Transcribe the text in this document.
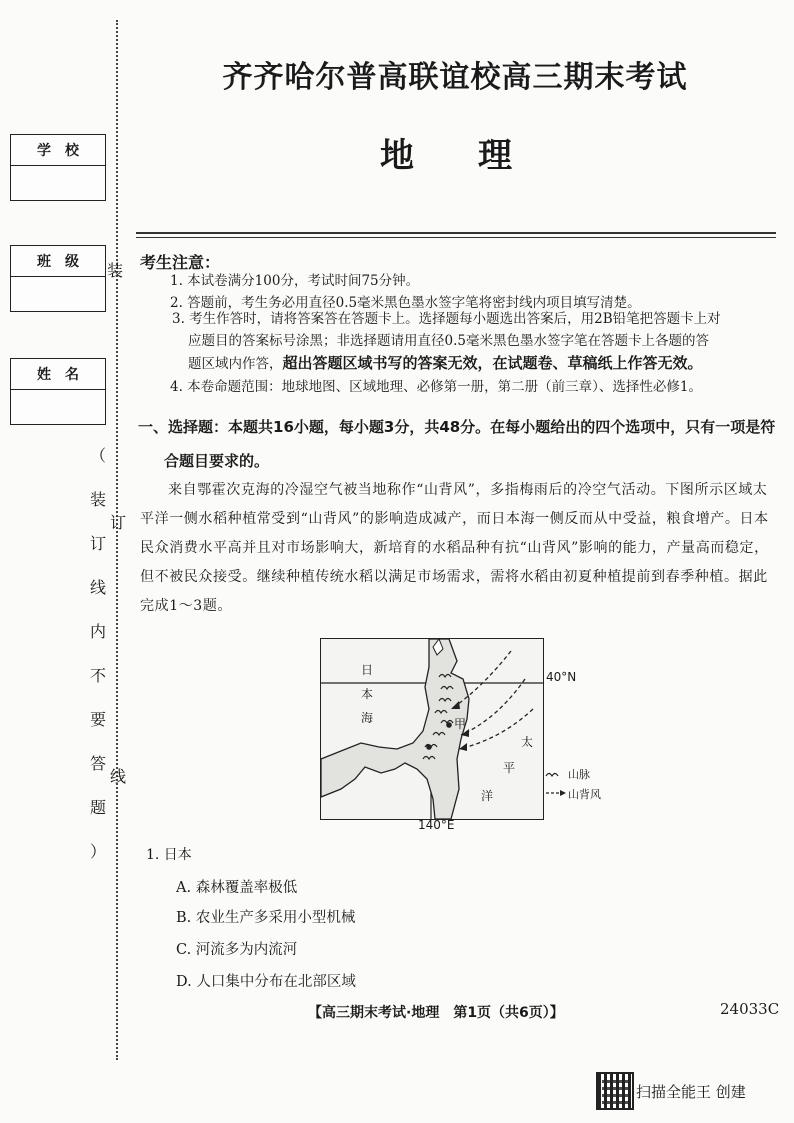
学校
班级
姓名
装
订
线
（
装
订
线
内
不
要
答
题
）
齐齐哈尔普高联谊校高三期末考试
地理
考生注意：
1. 本试卷满分100分，考试时间75分钟。
2. 答题前，考生务必用直径0.5毫米黑色墨水签字笔将密封线内项目填写清楚。
3. 考生作答时，请将答案答在答题卡上。选择题每小题选出答案后，用2B铅笔把答题卡上对
应题目的答案标号涂黑；非选择题请用直径0.5毫米黑色墨水签字笔在答题卡上各题的答
题区域内作答，超出答题区域书写的答案无效，在试题卷、草稿纸上作答无效。
4. 本卷命题范围：地球地图、区域地理、必修第一册，第二册（前三章）、选择性必修1。
一、选择题：本题共16小题，每小题3分，共48分。在每小题给出的四个选项中，只有一项是符
合题目要求的。
来自鄂霍次克海的冷湿空气被当地称作“山背风”，多指梅雨后的冷空气活动。下图所示区域太平洋一侧水稻种植常受到“山背风”的影响造成减产，而日本海一侧反而从中受益，粮食增产。日本民众消费水平高并且对市场影响大，新培育的水稻品种有抗“山背风”影响的能力，产量高而稳定，但不被民众接受。继续种植传统水稻以满足市场需求，需将水稻由初夏种植提前到春季种植。据此完成1～3题。
日
本
海	甲
太
平
洋
40°N
140°E
山脉
山背风
1. 日本
A. 森林覆盖率极低
B. 农业生产多采用小型机械
C. 河流多为内流河
D. 人口集中分布在北部区域
【高三期末考试·地理　第1页（共6页）】	24033C
扫描全能王 创建
